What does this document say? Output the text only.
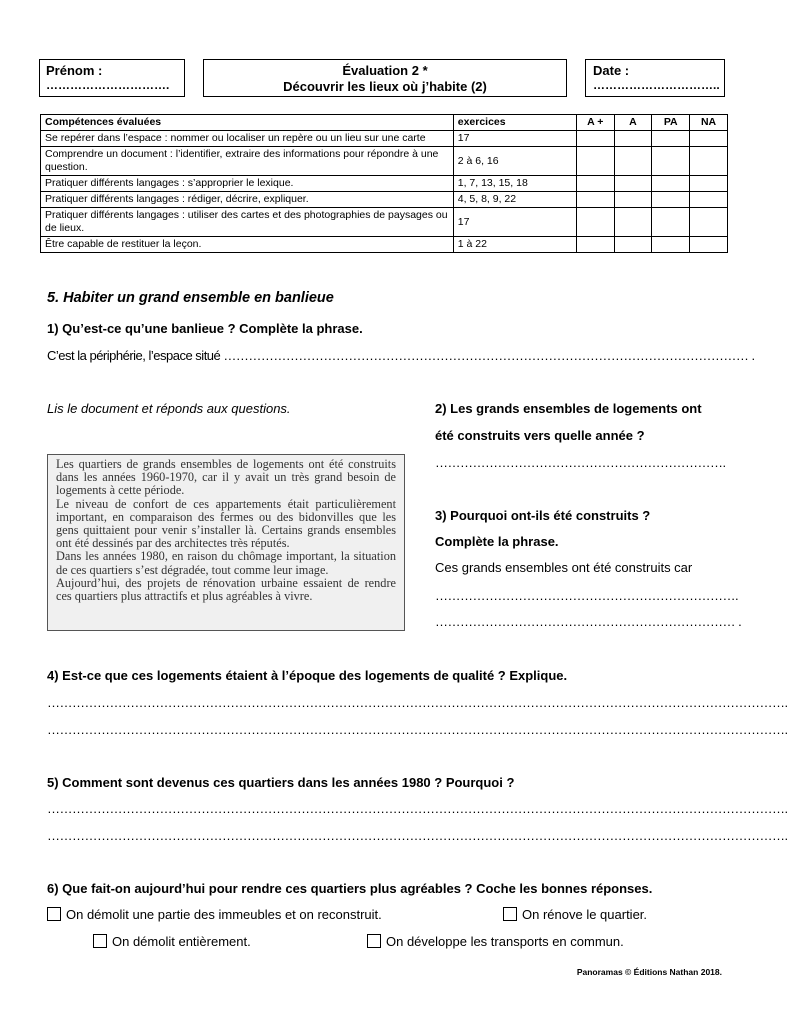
Prénom :
………………………….
Évaluation 2 *
Découvrir les lieux où j’habite (2)
Date :
…………………………..
Compétences évaluées	exercices	A +	A	PA	NA
Se repérer dans l’espace : nommer ou localiser un repère ou un lieu sur une carte	17				
Comprendre un document : l’identifier, extraire des informations pour répondre à une question.	2 à 6, 16				
Pratiquer différents langages : s’approprier le lexique.	1, 7, 13, 15, 18				
Pratiquer différents langages : rédiger, décrire, expliquer.	4, 5, 8, 9, 22				
Pratiquer différents langages : utiliser des cartes et des photographies de paysages ou de lieux.	17				
Être capable de restituer la leçon.	1 à 22				
5. Habiter un grand ensemble en banlieue
1) Qu’est-ce qu’une banlieue ? Complète la phrase.
C’est la périphérie, l’espace situé ……………………………………………………………………………………………………………… .
Lis le document et réponds aux questions.

Les quartiers de grands ensembles de logements ont été construits dans les années 1960-1970, car il y avait un très grand besoin de logements à cette période.

Le niveau de confort de ces appartements était particulièrement important, en comparaison des fermes ou des bidonvilles que les gens quittaient pour venir s’installer là. Certains grands ensembles ont été dessinés par des architectes très réputés.

Dans les années 1980, en raison du chômage important, la situation de ces quartiers s’est dégradée, tout comme leur image.

Aujourd’hui, des projets de rénovation urbaine essaient de rendre ces quartiers plus attractifs et plus agréables à vivre.

2) Les grands ensembles de logements ont
été construits vers quelle année ?
…………………………………………………………….
3) Pourquoi ont-ils été construits ?
Complète la phrase.
Ces grands ensembles ont été construits car
……………………………………………………………….
……………………………………………………………… .
4) Est-ce que ces logements étaient à l’époque des logements de qualité ? Explique.
…………………………………………………………………………………………………………………………………………………………….
…………………………………………………………………………………………………………………………………………………………….
5) Comment sont devenus ces quartiers dans les années 1980 ? Pourquoi ?
…………………………………………………………………………………………………………………………………………………………….
…………………………………………………………………………………………………………………………………………………………….
6) Que fait-on aujourd’hui pour rendre ces quartiers plus agréables ? Coche les bonnes réponses.
On démolit une partie des immeubles et on reconstruit.	On rénove le quartier.
On démolit entièrement.	On développe les transports en commun.
Panoramas © Éditions Nathan 2018.
